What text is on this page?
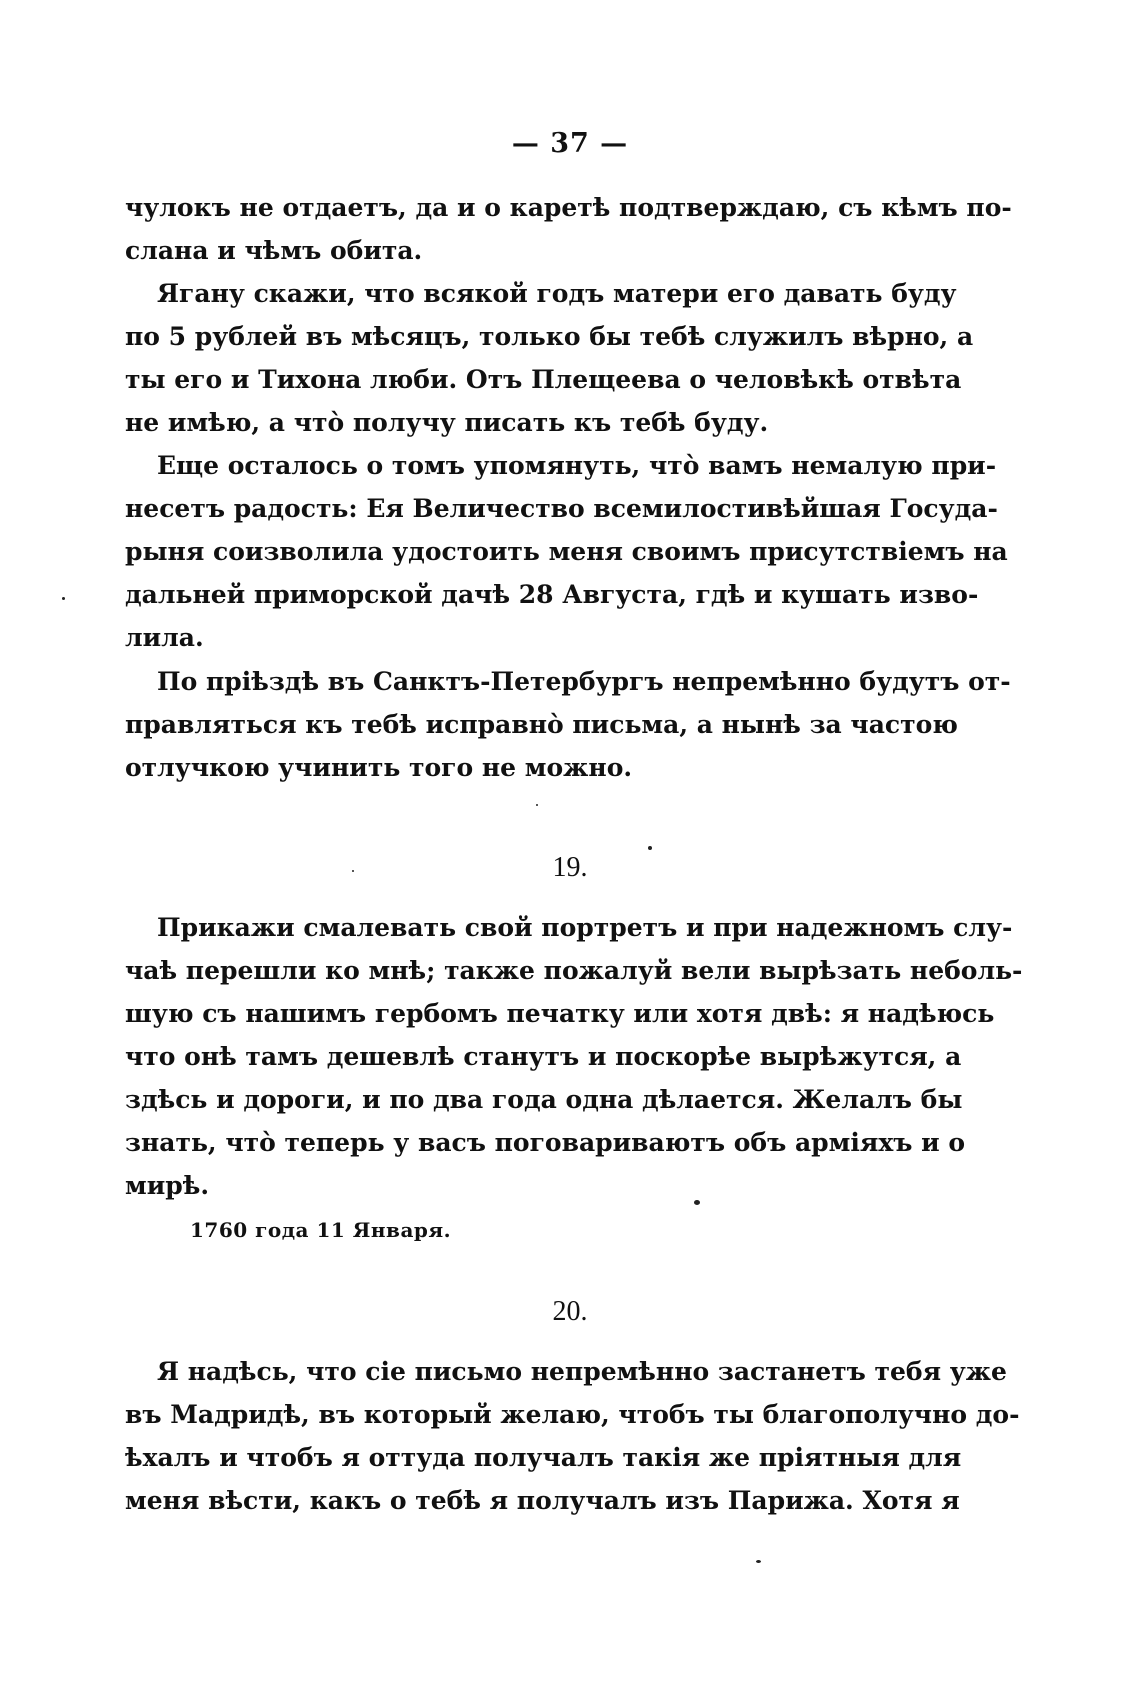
— 37 —
чулокъ не отдаетъ, да и о каретѣ подтверждаю, съ кѣмъ по-
слана и чѣмъ обита.
Ягану скажи, что всякой годъ матери его давать буду
по 5 рублей въ мѣсяцъ, только бы тебѣ служилъ вѣрно, а
ты его и Тихона люби. Отъ Плещеева о человѣкѣ отвѣта
не имѣю, а что̀ получу писать къ тебѣ буду.
Еще осталось о томъ упомянуть, что̀ вамъ немалую при-
несетъ радость: Ея Величество всемилостивѣйшая Госуда-
рыня соизволила удостоить меня своимъ присутствіемъ на
дальней приморской дачѣ 28 Августа, гдѣ и кушать изво-
лила.
По пріѣздѣ въ Санктъ-Петербургъ непремѣнно будутъ от-
правляться къ тебѣ исправно̀ письма, а нынѣ за частою
отлучкою учинить того не можно.
19.
Прикажи смалевать свой портретъ и при надежномъ слу-
чаѣ перешли ко мнѣ; также пожалуй вели вырѣзать неболь-
шую съ нашимъ гербомъ печатку или хотя двѣ: я надѣюсь
что онѣ тамъ дешевлѣ станутъ и поскорѣе вырѣжутся, а
здѣсь и дороги, и по два года одна дѣлается. Желалъ бы
знать, что̀ теперь у васъ поговариваютъ объ арміяхъ и о
мирѣ.
1760 года 11 Января.
20.
Я надѣсь, что сіе письмо непремѣнно застанетъ тебя уже
въ Мадридѣ, въ который желаю, чтобъ ты благополучно до-
ѣхалъ и чтобъ я оттуда получалъ такія же пріятныя для
меня вѣсти, какъ о тебѣ я получалъ изъ Парижа. Хотя я
